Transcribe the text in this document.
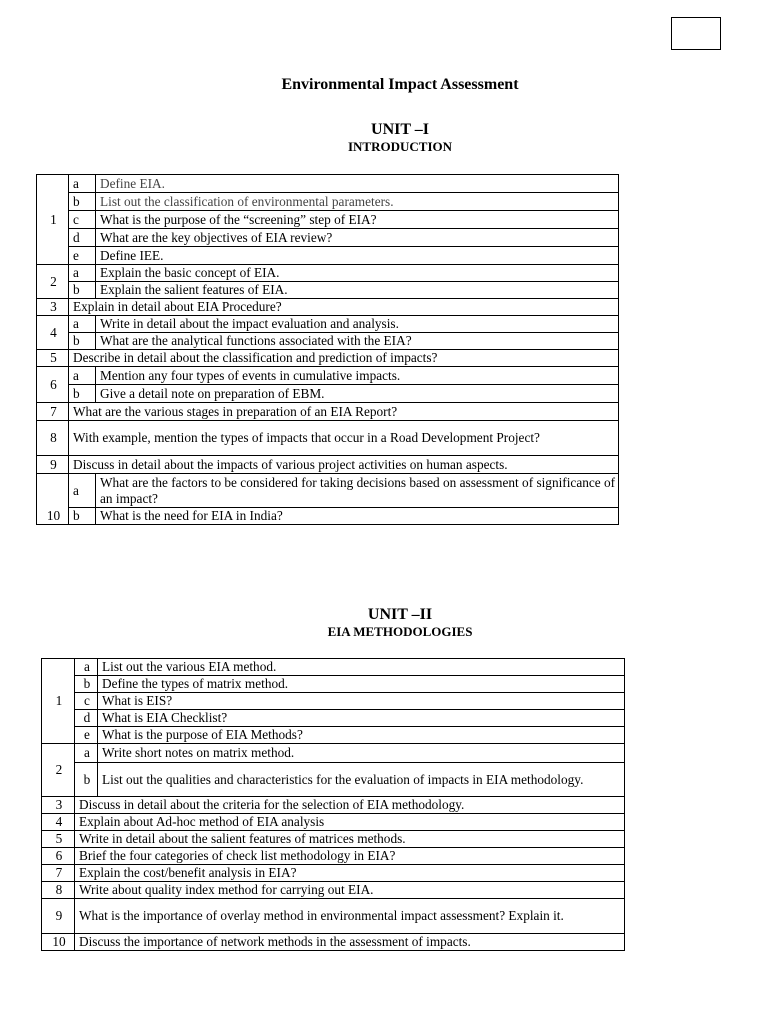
Environmental Impact Assessment
UNIT –I
INTRODUCTION
1	a	Define EIA.
	b	List out the classification of environmental parameters.
	c	What is the purpose of the “screening” step of EIA?
	d	What are the key objectives of EIA review?
	e	Define IEE.
2	a	Explain the basic concept of EIA.
	b	Explain the salient features of EIA.
3	Explain in detail about EIA Procedure?	
4	a	Write in detail about the impact evaluation and analysis.
	b	What are the analytical functions associated with the EIA?
5	Describe in detail about the classification and prediction of impacts?	
6	a	Mention any four types of events in cumulative impacts.
	b	Give a detail note on preparation of EBM.
7	What are the various stages in preparation of an EIA Report?	
8	With example, mention the types of impacts that occur in a Road Development Project?	
9	Discuss in detail about the impacts of various project activities on human aspects.	
10	a	What are the factors to be considered for taking decisions based on assessment of significance of an impact?
	b	What is the need for EIA in India?
UNIT –II
EIA METHODOLOGIES
1	a	List out the various EIA method.
	b	Define the types of matrix method.
	c	What is EIS?
	d	What is EIA Checklist?
	e	What is the purpose of EIA Methods?
2	a	Write short notes on matrix method.
	b	List out the qualities and characteristics for the evaluation of impacts in EIA methodology.
3	Discuss in detail about the criteria for the selection of EIA methodology.	
4	Explain about Ad-hoc method of EIA analysis	
5	Write in detail about the salient features of matrices methods.	
6	Brief the four categories of check list methodology in EIA?	
7	Explain the cost/benefit analysis in EIA?	
8	Write about quality index method for carrying out EIA.	
9	What is the importance of overlay method in environmental impact assessment? Explain it.	
10	Discuss the importance of network methods in the assessment of impacts.	
